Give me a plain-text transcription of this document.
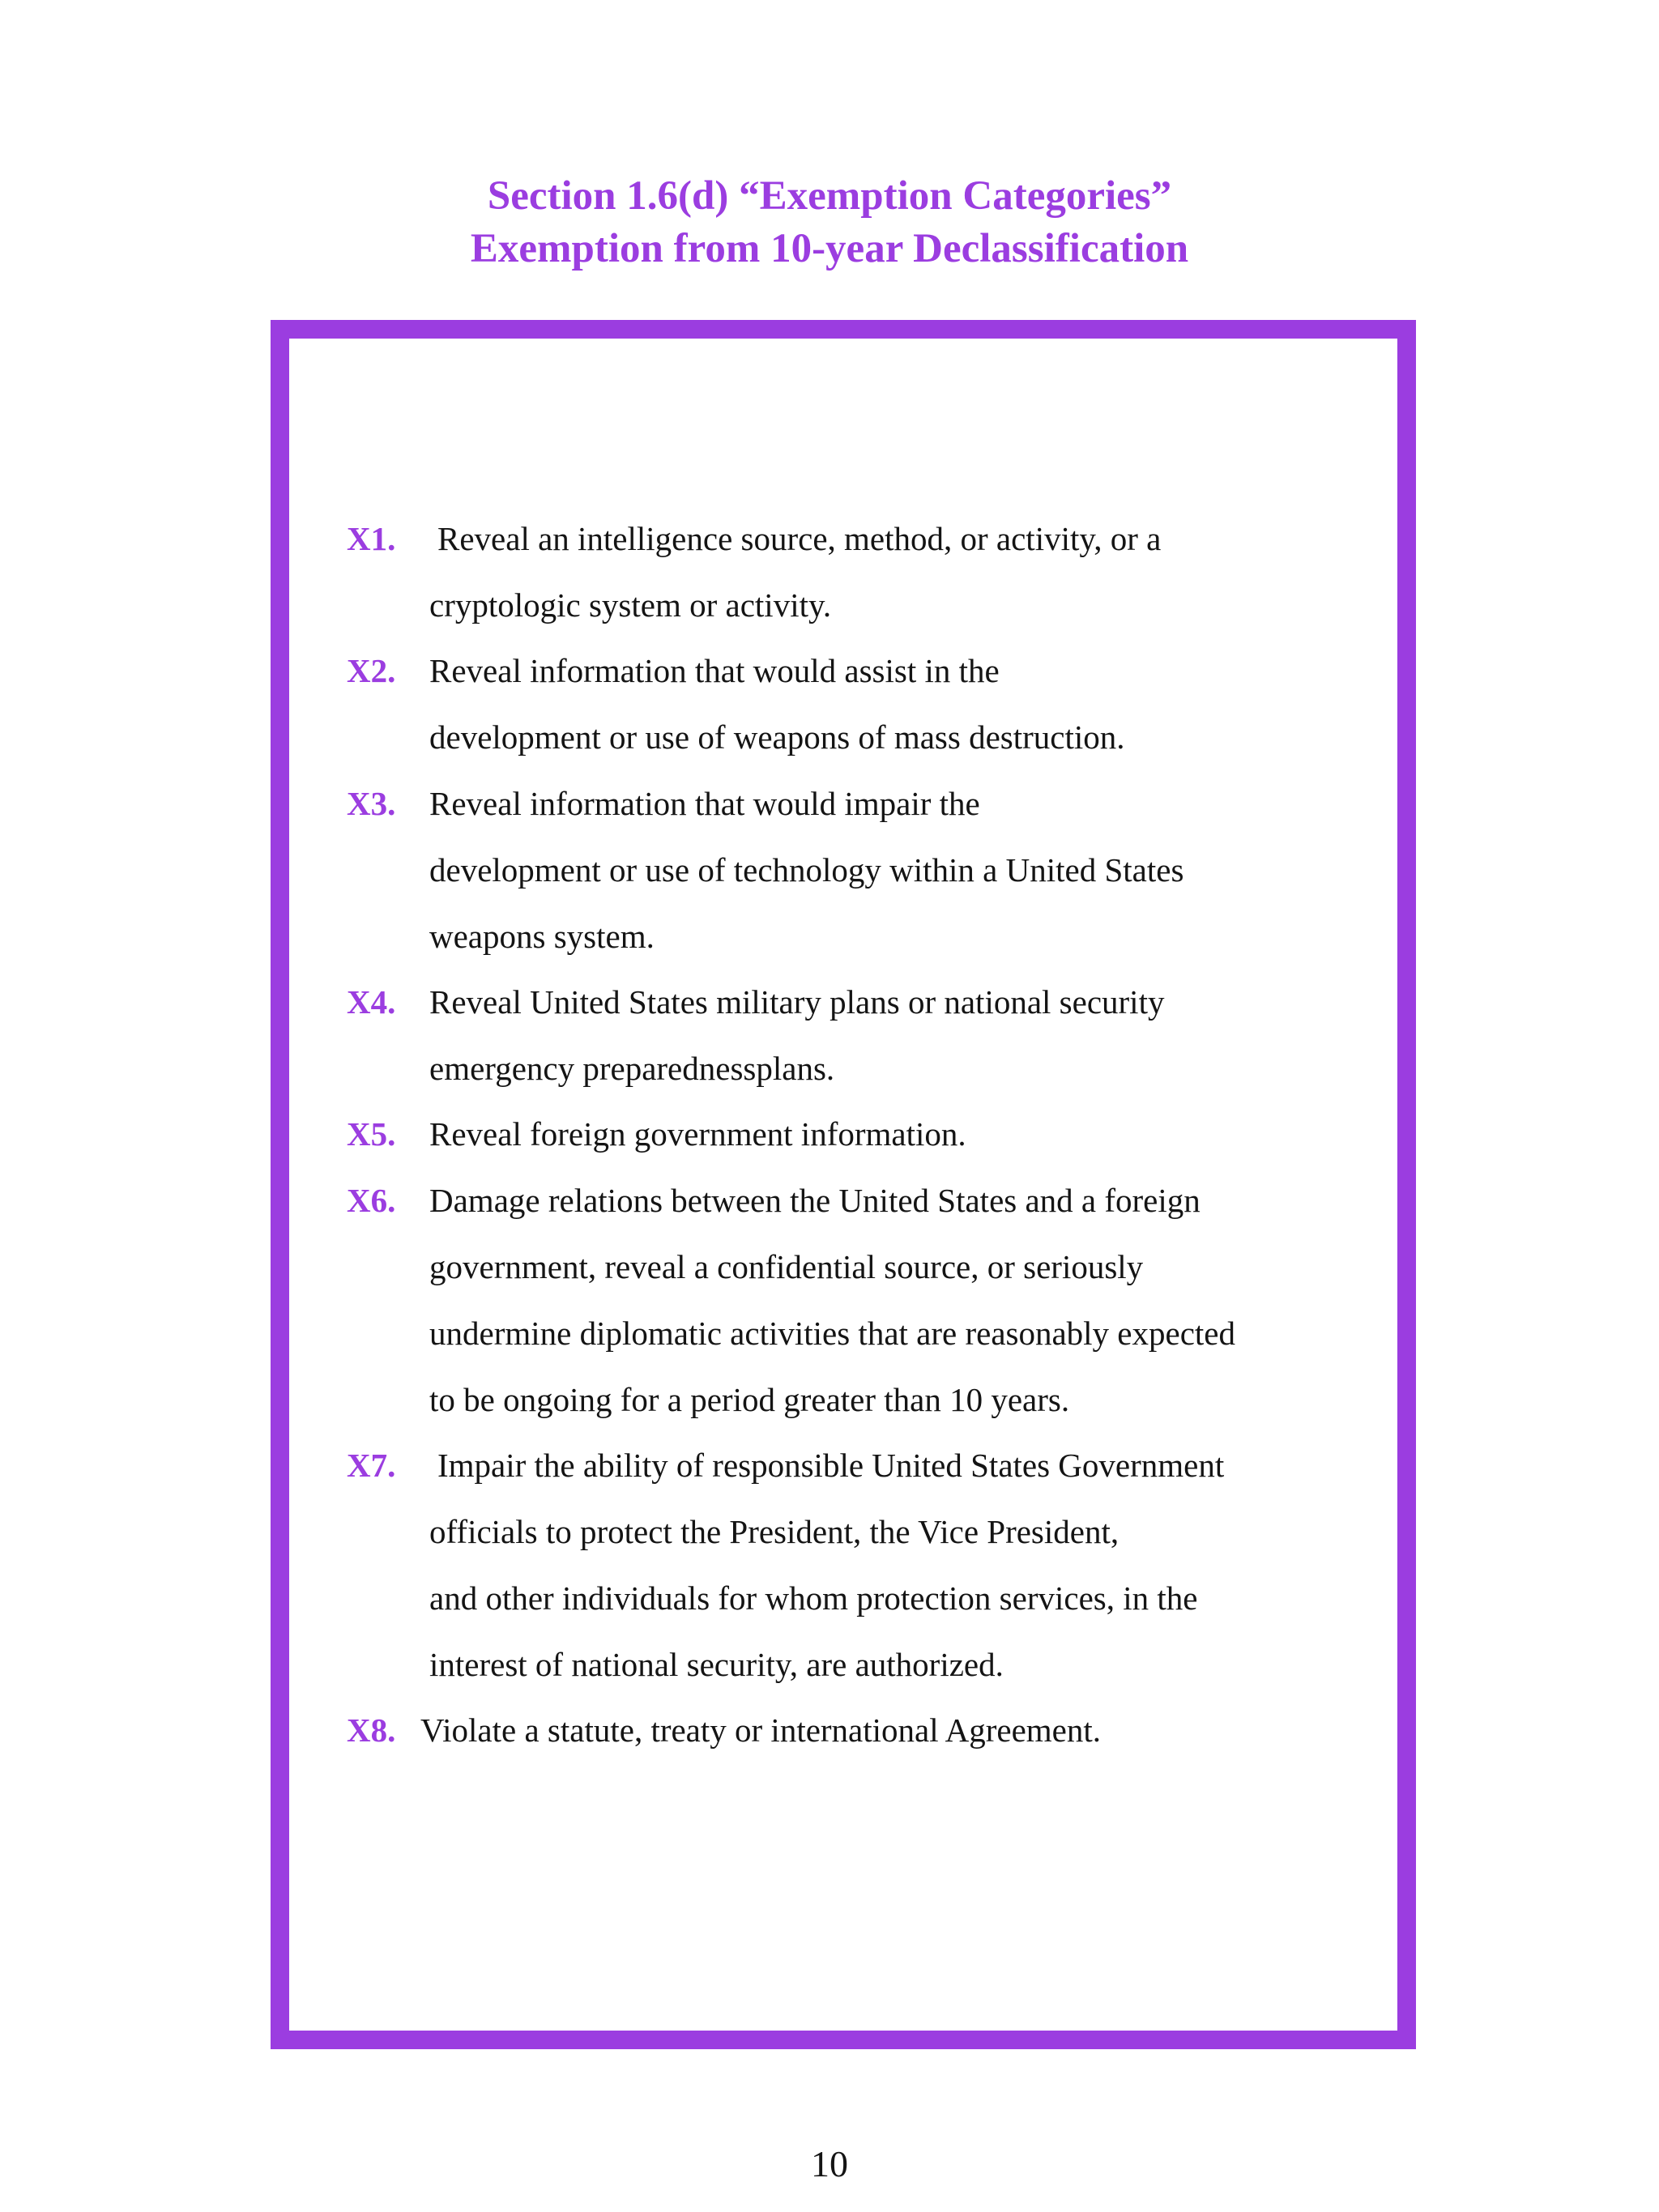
Section 1.6(d) “Exemption Categories”
Exemption from 10-year Declassification
X1. Reveal an intelligence source, method, or activity, or a
cryptologic system or activity.
X2. Reveal information that would assist in the
development or use of weapons of mass destruction.
X3. Reveal information that would impair the
development or use of technology within a United States
weapons system.
X4. Reveal United States military plans or national security
emergency preparednessplans.
X5. Reveal foreign government information.
X6. Damage relations between the United States and a foreign
government, reveal a confidential source, or seriously
undermine diplomatic activities that are reasonably expected
to be ongoing for a period greater than 10 years.
X7. Impair the ability of responsible United States Government
officials to protect the President, the Vice President,
and other individuals for whom protection services, in the
interest of national security, are authorized.
X8. Violate a statute, treaty or international Agreement.
10
